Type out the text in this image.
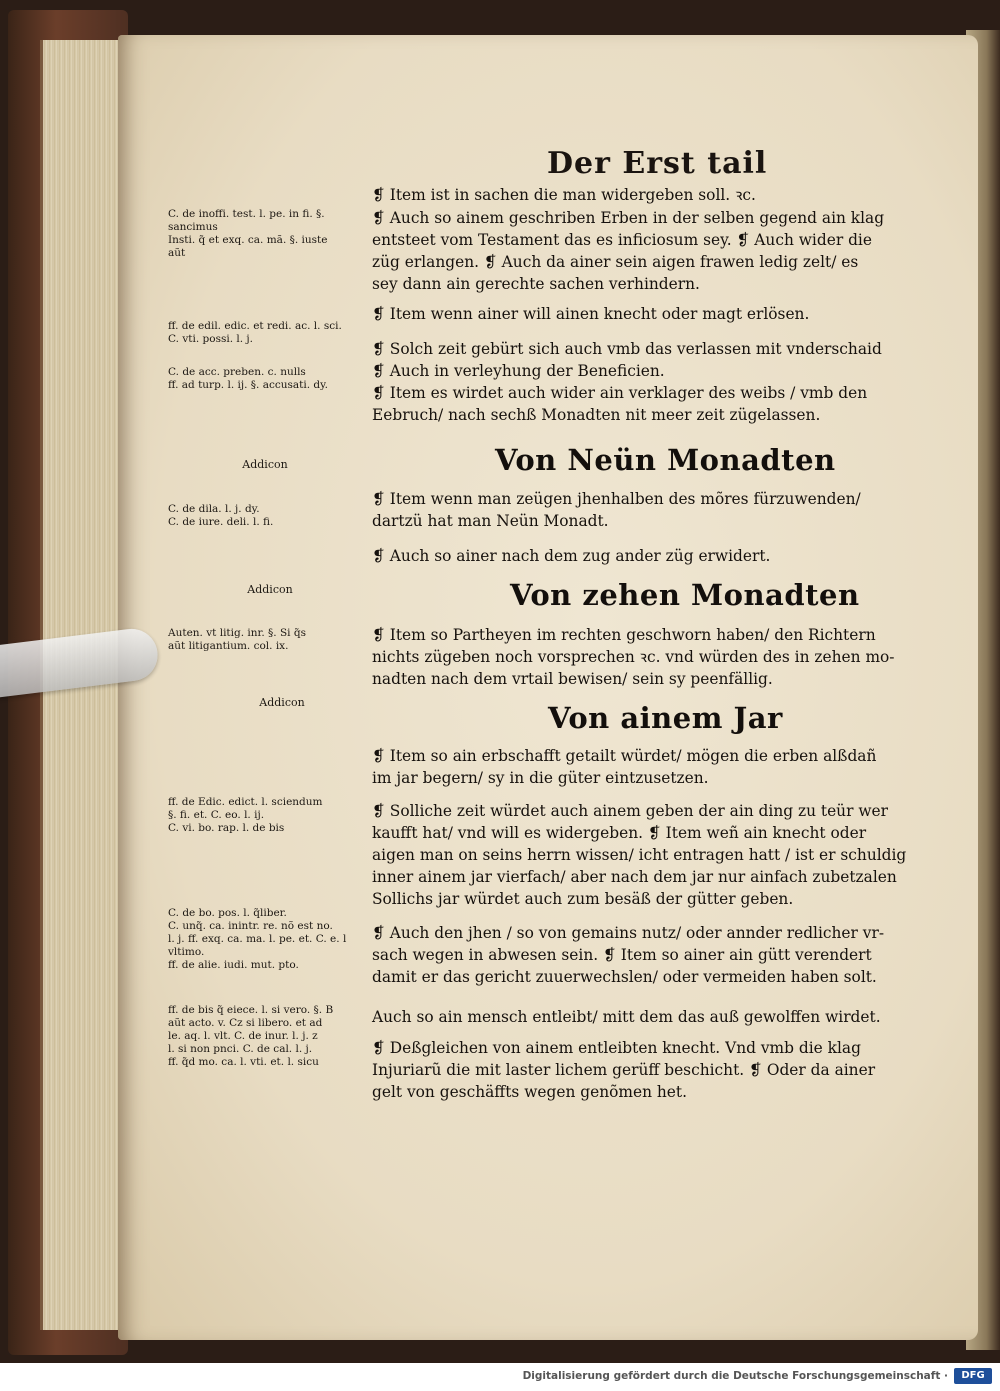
Der Erst tail
C. de inoffi. test. l. pe. in fi. §.
sancimus
Insti. q̃ et exq. ca. mã. §. iuste
aũt
ff. de edil. edic. et redi. ac. l. sci.
C. vti. possi. l. j.
C. de acc. preben. c. nulls
ff. ad turp. l. ij. §. accusati. dy.
Addicon
C. de dila. l. j. dy.
C. de iure. deli. l. fi.
Addicon
Auten. vt litig. inr. §. Si q̃s
aũt litigantium. col. ix.
Addicon
ff. de Edic. edict. l. sciendum
§. fi. et. C. eo. l. ij.
C. vi. bo. rap. l. de bis
C. de bo. pos. l. q̃liber.
C. unq̃. ca. inintr. re. nõ est no.
l. j. ff. exq. ca. ma. l. pe. et. C. e. l
vltimo.
ff. de alie. iudi. mut. pto.
ff. de bis q̃ eiece. l. si vero. §. B
aũt acto. v. Cz si libero. et ad
le. aq. l. vlt. C. de inur. l. j. z
l. si non pnci. C. de cal. l. j.
ff. q̃d mo. ca. l. vti. et. l. sicu
❡ Item ist in sachen die man widergeben soll. ꝛc.
❡ Auch so ainem geschriben Erben in der selben gegend ain klag
entsteet vom Testament das es inficiosum sey. ❡ Auch wider die
züg erlangen. ❡ Auch da ainer sein aigen frawen ledig zelt/ es
sey dann ain gerechte sachen verhindern.
❡ Item wenn ainer will ainen knecht oder magt erlösen.
❡ Solch zeit gebürt sich auch vmb das verlassen mit vnderschaid
❡ Auch in verleyhung der Beneficien.
❡ Item es wirdet auch wider ain verklager des weibs / vmb den
Eebruch/ nach sechß Monadten nit meer zeit zügelassen.
Von Neün Monadten
❡ Item wenn man zeügen jhenhalben des mõres fürzuwenden/
dartzü hat man Neün Monadt.
❡ Auch so ainer nach dem zug ander züg erwidert.
Von zehen Monadten
❡ Item so Partheyen im rechten geschworn haben/ den Richtern
nichts zügeben noch vorsprechen ꝛc. vnd würden des in zehen mo-
nadten nach dem vrtail bewisen/ sein sy peenfällig.
Von ainem Jar
❡ Item so ain erbschafft getailt würdet/ mögen die erben alßdañ
im jar begern/ sy in die güter eintzusetzen.
❡ Solliche zeit würdet auch ainem geben der ain ding zu teür wer
kaufft hat/ vnd will es widergeben. ❡ Item weñ ain knecht oder
aigen man on seins herrn wissen/ icht entragen hatt / ist er schuldig
inner ainem jar vierfach/ aber nach dem jar nur ainfach zubetzalen
Sollichs jar würdet auch zum besäß der gütter geben.
❡ Auch den jhen / so von gemains nutz/ oder annder redlicher vr-
sach wegen in abwesen sein. ❡ Item so ainer ain gütt verendert
damit er das gericht zuuerwechslen/ oder vermeiden haben solt.
Auch so ain mensch entleibt/ mitt dem das auß gewolffen wirdet.
❡ Deßgleichen von ainem entleibten knecht. Vnd vmb die klag
Injuriarũ die mit laster lichem gerüff beschicht. ❡ Oder da ainer
gelt von geschäffts wegen genõmen het.
Digitalisierung gefördert durch die Deutsche Forschungsgemeinschaft ·	DFG
